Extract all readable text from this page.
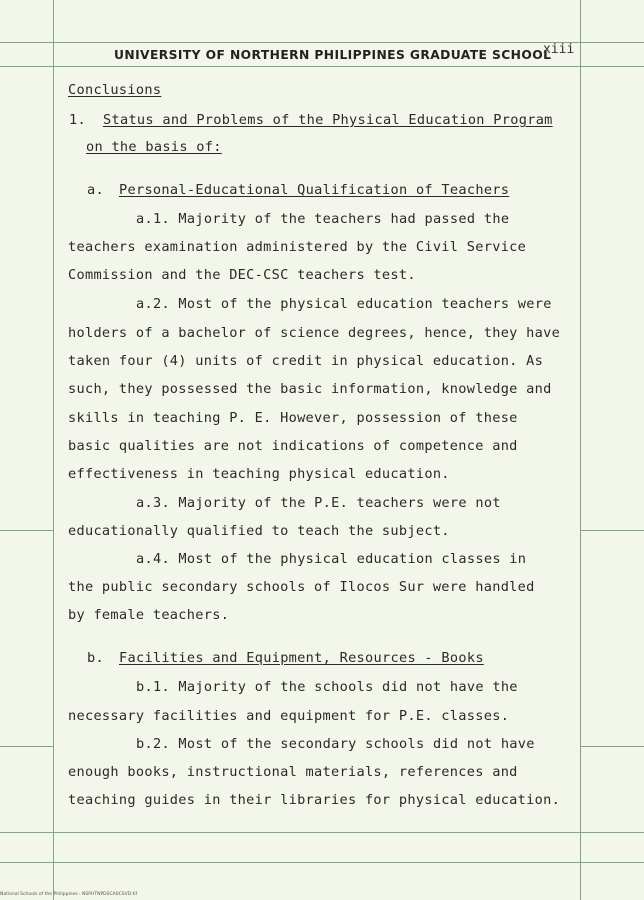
UNIVERSITY OF NORTHERN PHILIPPINES GRADUATE SCHOOL
xiii
Conclusions
1. Status and Problems of the Physical Education Program
on the basis of:
a. Personal-Educational Qualification of Teachers
a.1. Majority of the teachers had passed the
teachers examination administered by the Civil Service
Commission and the DEC-CSC teachers test.
a.2. Most of the physical education teachers were
holders of a bachelor of science degrees, hence, they have
taken four (4) units of credit in physical education. As
such, they possessed the basic information, knowledge and
skills in teaching P. E. However, possession of these
basic qualities are not indications of competence and
effectiveness in teaching physical education.
a.3. Majority of the P.E. teachers were not
educationally qualified to teach the subject.
a.4. Most of the physical education classes in
the public secondary schools of Ilocos Sur were handled
by female teachers.
b. Facilities and Equipment, Resources - Books
b.1. Majority of the schools did not have the
necessary facilities and equipment for P.E. classes.
b.2. Most of the secondary schools did not have
enough books, instructional materials, references and
teaching guides in their libraries for physical education.
National Schools of the Philippines · NSPHTNPDSCA0CSVD.tif
